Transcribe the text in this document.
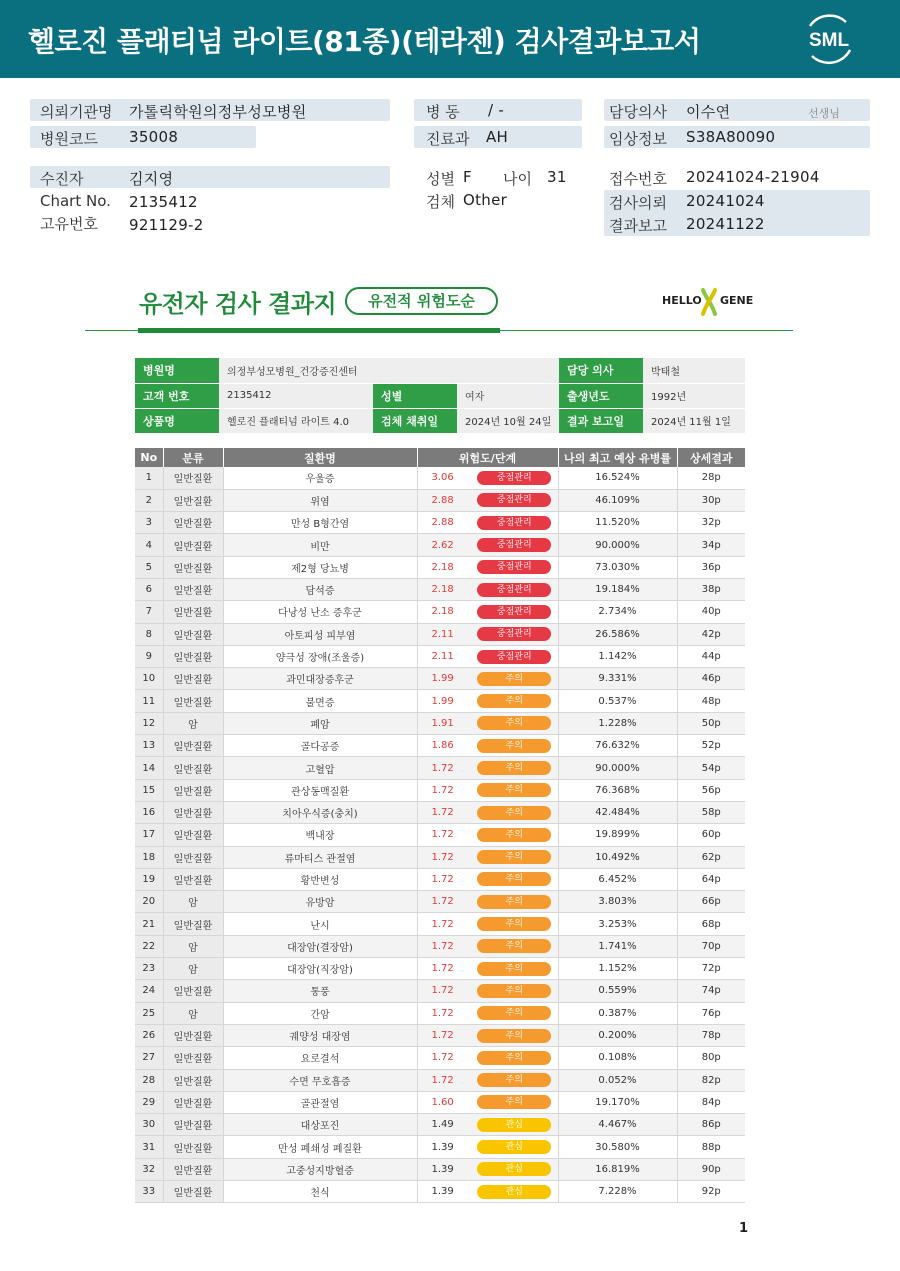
헬로진 플래티넘 라이트(81종)(테라젠) 검사결과보고서	SML
의뢰기관명 가톨릭학원의정부성모병원
병원코드 35008
병 동 / -
진료과 AH
담당의사 이수연	선생님
임상정보 S38A80090
수진자	김지영
Chart No. 2135412
고유번호 921129-2
성별 F 나이 31
검체 Other
접수번호 20241024-21904
검사의뢰 20241024
결과보고 20241122
유전자 검사 결과지	유전적 위험도순	HELLO GENE
병원명	의정부성모병원_건강증진센터			담당 의사	박태철
고객 번호	2135412	성별	여자	출생년도	1992년
상품명	헬로진 플래티넘 라이트 4.0	검체 채취일	2024년 10월 24일	결과 보고일	2024년 11월 1일
No	분류	질환명	위험도/단계		나의 최고 예상 유병률	상세결과
1	일반질환	우울증	3.06	중점관리	16.524%	28p
2	일반질환	위염	2.88	중점관리	46.109%	30p
3	일반질환	만성 B형간염	2.88	중점관리	11.520%	32p
4	일반질환	비만	2.62	중점관리	90.000%	34p
5	일반질환	제2형 당뇨병	2.18	중점관리	73.030%	36p
6	일반질환	담석증	2.18	중점관리	19.184%	38p
7	일반질환	다낭성 난소 증후군	2.18	중점관리	2.734%	40p
8	일반질환	아토피성 피부염	2.11	중점관리	26.586%	42p
9	일반질환	양극성 장애(조울증)	2.11	중점관리	1.142%	44p
10	일반질환	과민대장증후군	1.99	주의	9.331%	46p
11	일반질환	불면증	1.99	주의	0.537%	48p
12	암	폐암	1.91	주의	1.228%	50p
13	일반질환	골다공증	1.86	주의	76.632%	52p
14	일반질환	고혈압	1.72	주의	90.000%	54p
15	일반질환	관상동맥질환	1.72	주의	76.368%	56p
16	일반질환	치아우식증(충치)	1.72	주의	42.484%	58p
17	일반질환	백내장	1.72	주의	19.899%	60p
18	일반질환	류마티스 관절염	1.72	주의	10.492%	62p
19	일반질환	황반변성	1.72	주의	6.452%	64p
20	암	유방암	1.72	주의	3.803%	66p
21	일반질환	난시	1.72	주의	3.253%	68p
22	암	대장암(결장암)	1.72	주의	1.741%	70p
23	암	대장암(직장암)	1.72	주의	1.152%	72p
24	일반질환	통풍	1.72	주의	0.559%	74p
25	암	간암	1.72	주의	0.387%	76p
26	일반질환	궤양성 대장염	1.72	주의	0.200%	78p
27	일반질환	요로결석	1.72	주의	0.108%	80p
28	일반질환	수면 무호흡증	1.72	주의	0.052%	82p
29	일반질환	골관절염	1.60	주의	19.170%	84p
30	일반질환	대상포진	1.49	관심	4.467%	86p
31	일반질환	만성 폐쇄성 폐질환	1.39	관심	30.580%	88p
32	일반질환	고중성지방혈증	1.39	관심	16.819%	90p
33	일반질환	천식	1.39	관심	7.228%	92p
1
